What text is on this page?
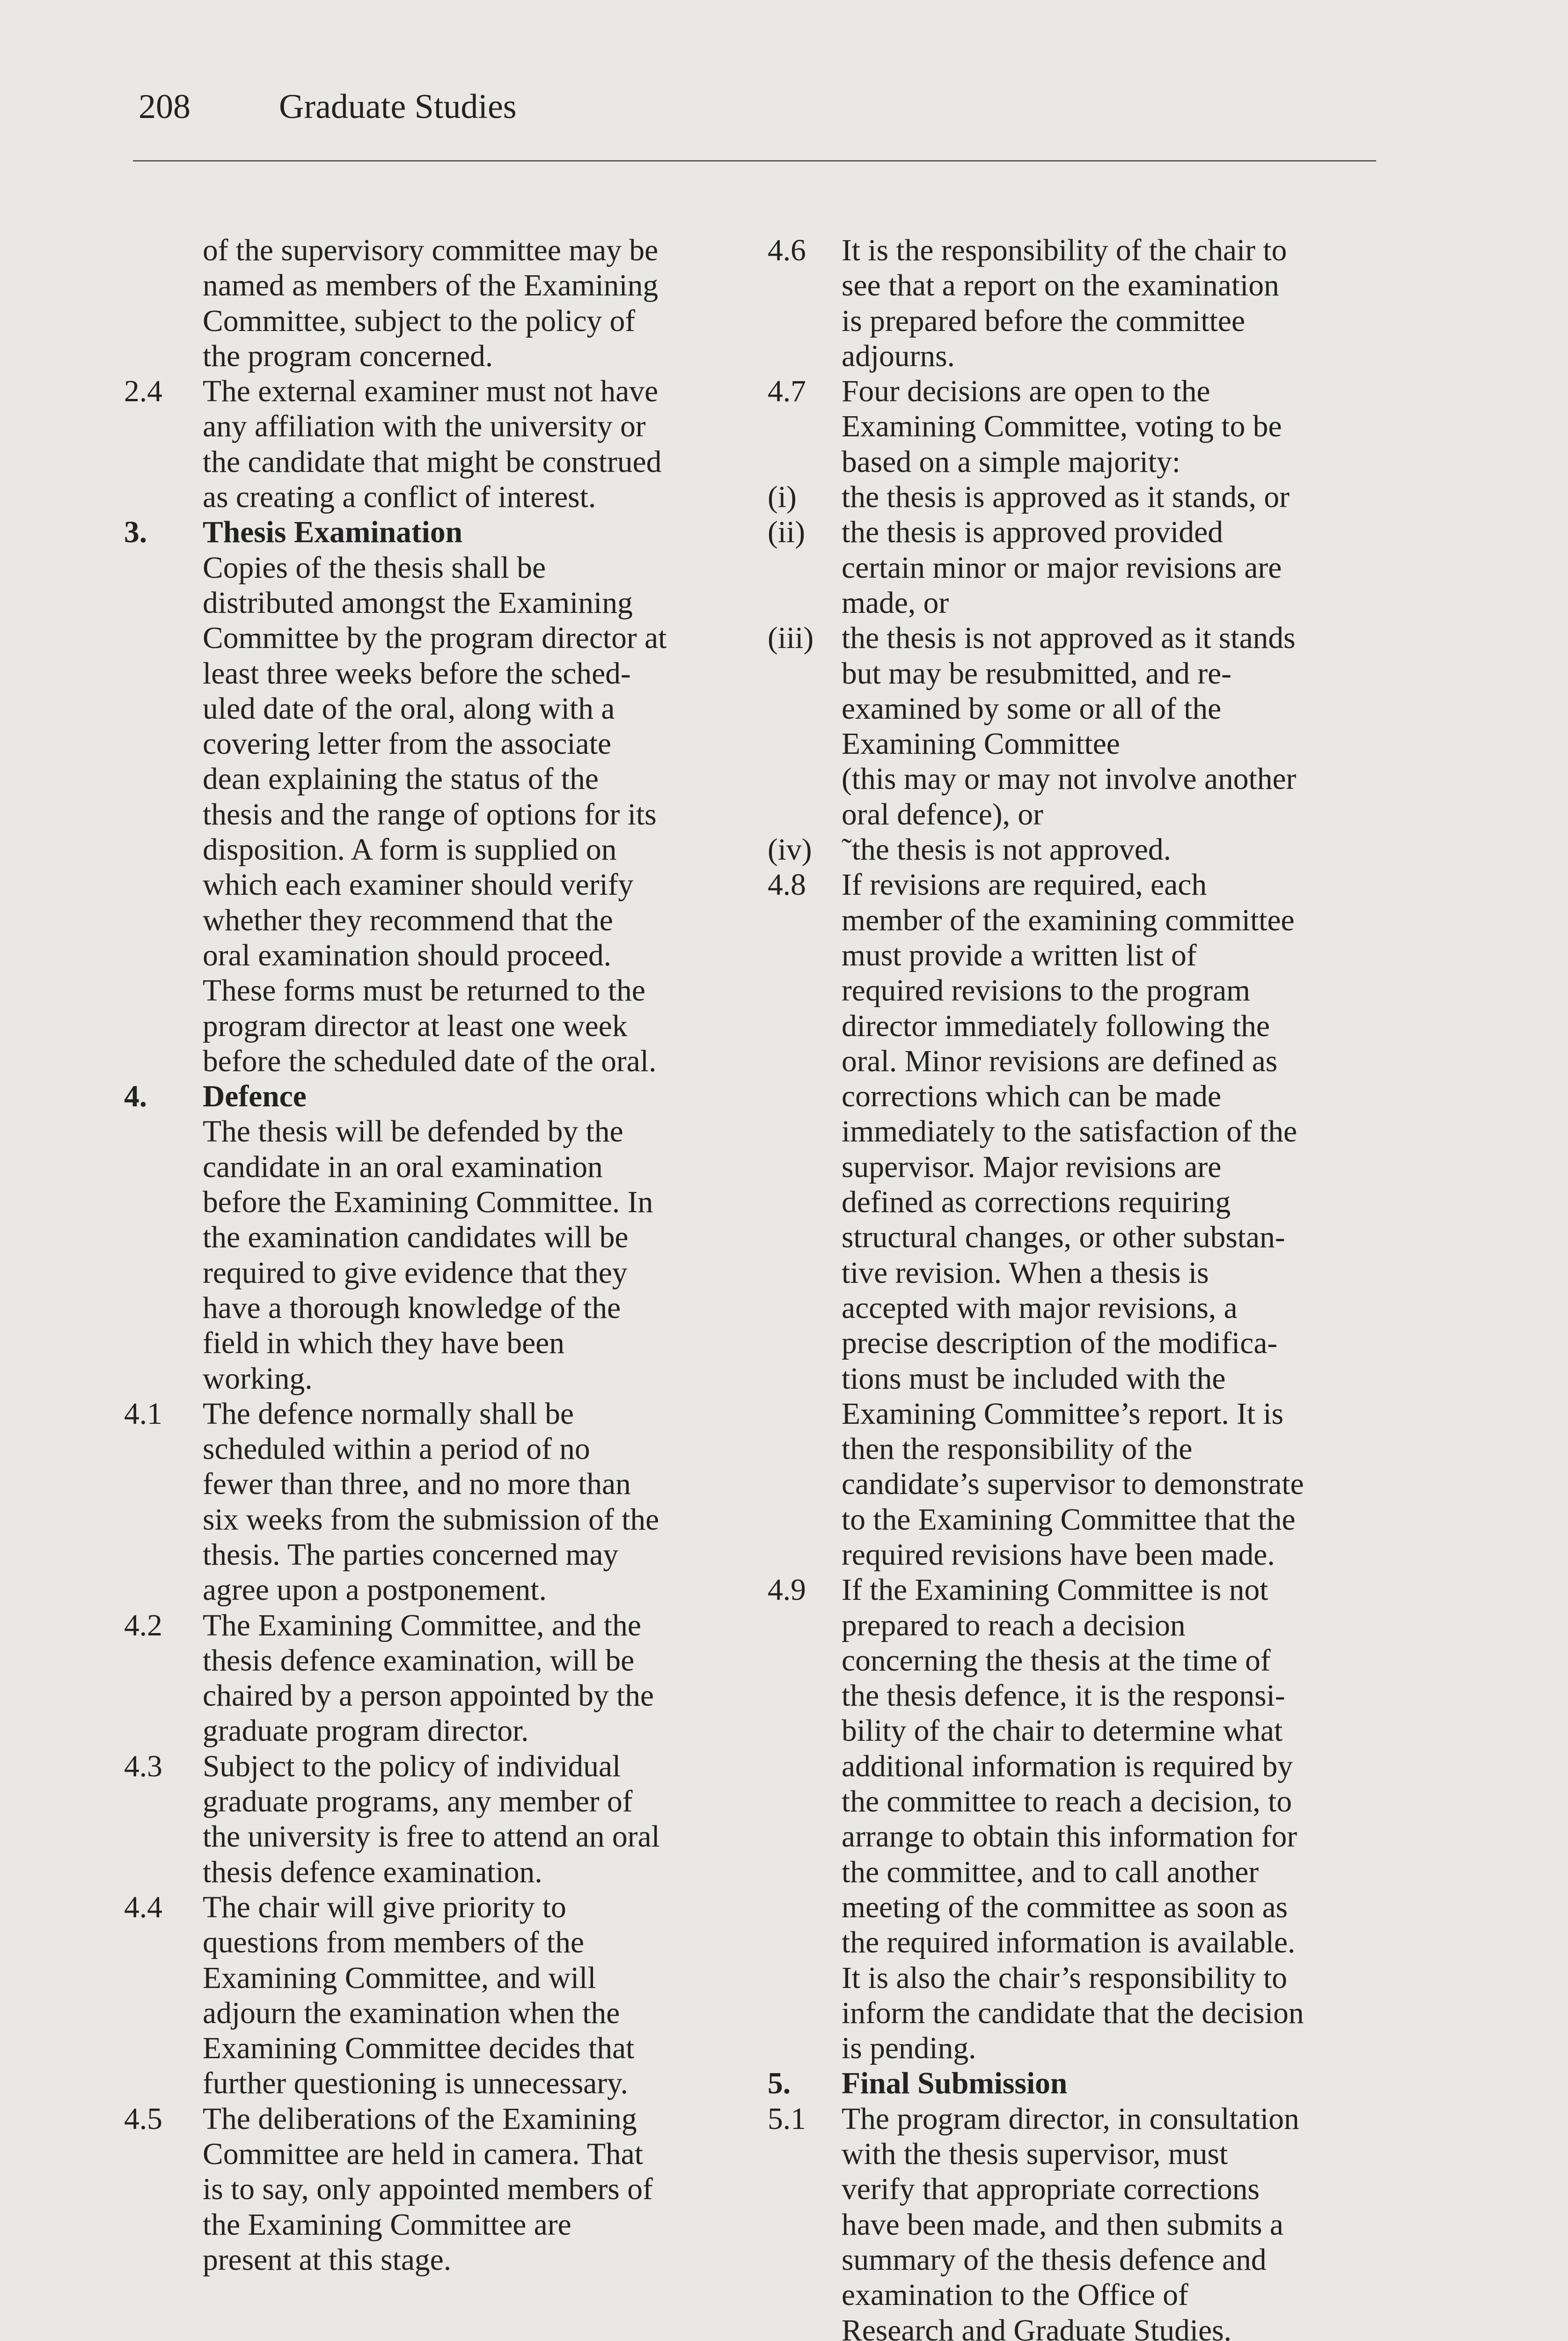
208	Graduate Studies
of the supervisory committee may be
named as members of the Examining
Committee, subject to the policy of
the program concerned.
2.4 The external examiner must not have
any affiliation with the university or
the candidate that might be construed
as creating a conflict of interest.
3. Thesis Examination
Copies of the thesis shall be
distributed amongst the Examining
Committee by the program director at
least three weeks before the sched-
uled date of the oral, along with a
covering letter from the associate
dean explaining the status of the
thesis and the range of options for its
disposition. A form is supplied on
which each examiner should verify
whether they recommend that the
oral examination should proceed.
These forms must be returned to the
program director at least one week
before the scheduled date of the oral.
4. Defence
The thesis will be defended by the
candidate in an oral examination
before the Examining Committee. In
the examination candidates will be
required to give evidence that they
have a thorough knowledge of the
field in which they have been
working.
4.1 The defence normally shall be
scheduled within a period of no
fewer than three, and no more than
six weeks from the submission of the
thesis. The parties concerned may
agree upon a postponement.
4.2 The Examining Committee, and the
thesis defence examination, will be
chaired by a person appointed by the
graduate program director.
4.3 Subject to the policy of individual
graduate programs, any member of
the university is free to attend an oral
thesis defence examination.
4.4 The chair will give priority to
questions from members of the
Examining Committee, and will
adjourn the examination when the
Examining Committee decides that
further questioning is unnecessary.
4.5 The deliberations of the Examining
Committee are held in camera. That
is to say, only appointed members of
the Examining Committee are
present at this stage.
4.6 It is the responsibility of the chair to
see that a report on the examination
is prepared before the committee
adjourns.
4.7 Four decisions are open to the
Examining Committee, voting to be
based on a simple majority:
(i) the thesis is approved as it stands, or
(ii) the thesis is approved provided
certain minor or major revisions are
made, or
(iii) the thesis is not approved as it stands
but may be resubmitted, and re-
examined by some or all of the
Examining Committee
(this may or may not involve another
oral defence), or
(iv) ˜the thesis is not approved.
4.8 If revisions are required, each
member of the examining committee
must provide a written list of
required revisions to the program
director immediately following the
oral. Minor revisions are defined as
corrections which can be made
immediately to the satisfaction of the
supervisor. Major revisions are
defined as corrections requiring
structural changes, or other substan-
tive revision. When a thesis is
accepted with major revisions, a
precise description of the modifica-
tions must be included with the
Examining Committee’s report. It is
then the responsibility of the
candidate’s supervisor to demonstrate
to the Examining Committee that the
required revisions have been made.
4.9 If the Examining Committee is not
prepared to reach a decision
concerning the thesis at the time of
the thesis defence, it is the responsi-
bility of the chair to determine what
additional information is required by
the committee to reach a decision, to
arrange to obtain this information for
the committee, and to call another
meeting of the committee as soon as
the required information is available.
It is also the chair’s responsibility to
inform the candidate that the decision
is pending.
5. Final Submission
5.1 The program director, in consultation
with the thesis supervisor, must
verify that appropriate corrections
have been made, and then submits a
summary of the thesis defence and
examination to the Office of
Research and Graduate Studies.
